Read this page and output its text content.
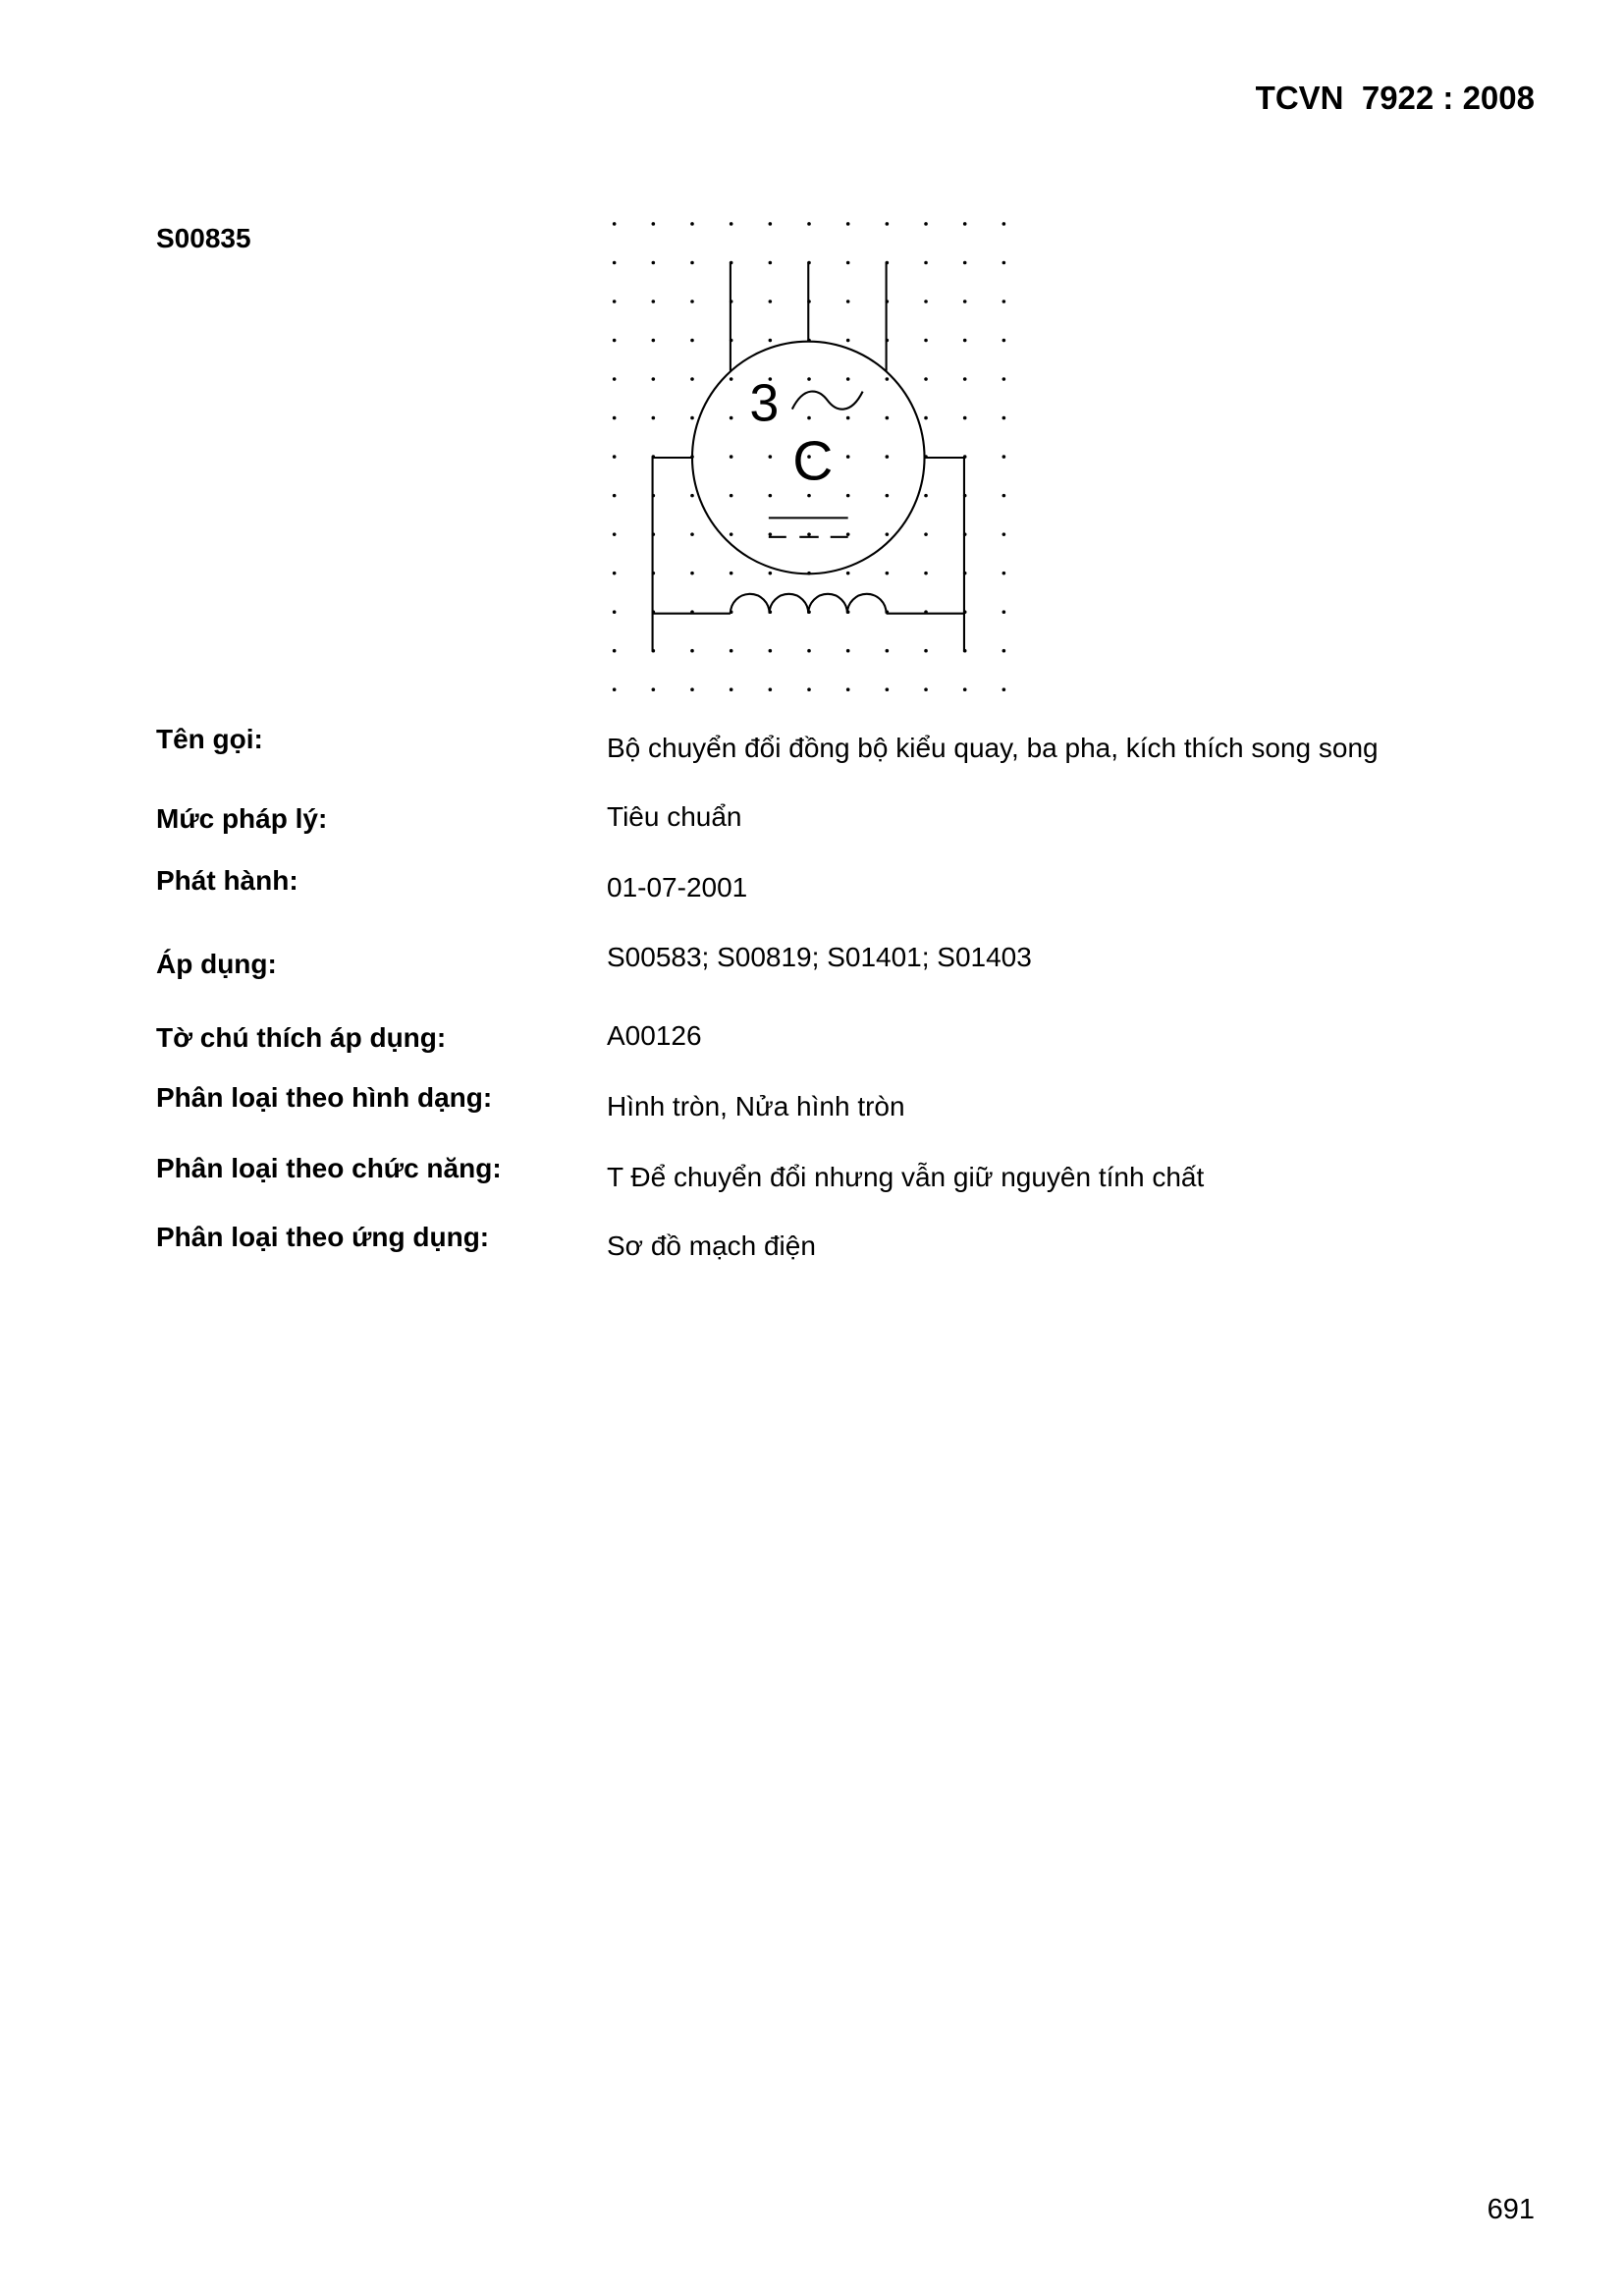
TCVN  7922 : 2008
S00835
3
C
Tên gọi:	Bộ chuyển đổi đồng bộ kiểu quay, ba pha, kích thích song song
Mức pháp lý:	Tiêu chuẩn
Phát hành:	01-07-2001
Áp dụng:	S00583; S00819; S01401; S01403
Tờ chú thích áp dụng:	A00126
Phân loại theo hình dạng:	Hình tròn, Nửa hình tròn
Phân loại theo chức năng:	T Để chuyển đổi nhưng vẫn giữ nguyên tính chất
Phân loại theo ứng dụng:	Sơ đồ mạch điện
691
